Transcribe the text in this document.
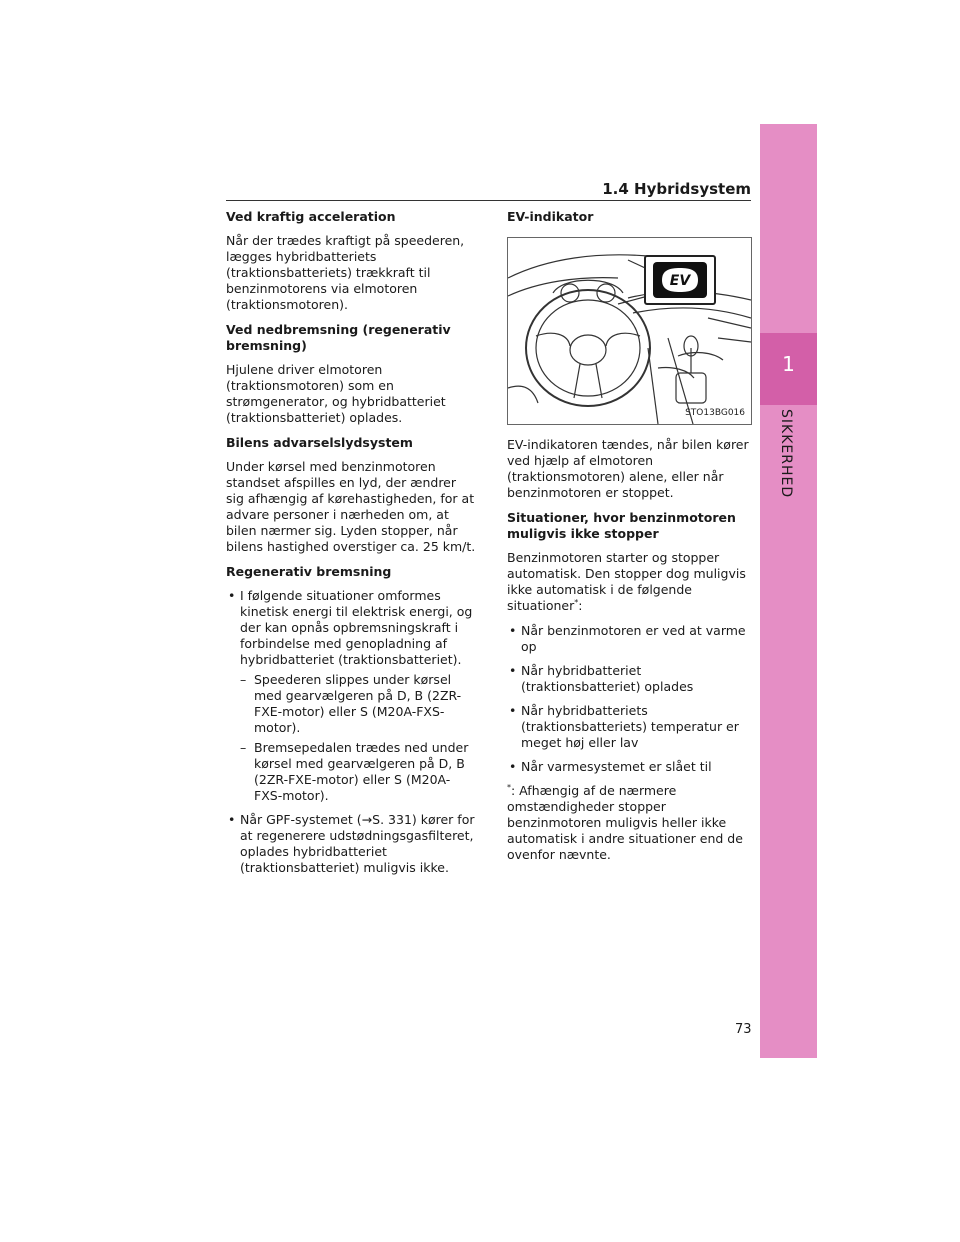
1.4 Hybridsystem
1
SIKKERHED
Ved kraftig acceleration

Når der trædes kraftigt på speederen, lægges hybridbatteriets (traktionsbatteriets) trækkraft til benzinmotorens via elmotoren (traktionsmotoren).

Ved nedbremsning (regenerativ bremsning)

Hjulene driver elmotoren (traktionsmotoren) som en strømgenerator, og hybridbatteriet (traktionsbatteriet) oplades.

Bilens advarselslydsystem

Under kørsel med benzinmotoren standset afspilles en lyd, der ændrer sig afhængig af kørehastigheden, for at advare personer i nærheden om, at bilen nærmer sig. Lyden stopper, når bilens hastighed overstiger ca. 25 km/t.

Regenerativ bremsning
• I følgende situationer omformes kinetisk energi til elektrisk energi, og der kan opnås opbremsningskraft i forbindelse med genopladning af hybridbatteriet (traktionsbatteriet).
– Speederen slippes under kørsel med gearvælgeren på D, B (2ZR-FXE-motor) eller S (M20A-FXS-motor).
– Bremsepedalen trædes ned under kørsel med gearvælgeren på D, B (2ZR-FXE-motor) eller S (M20A-FXS-motor).
• Når GPF-systemet (→S. 331) kører for at regenerere udstødningsgasfilteret, oplades hybridbatteriet (traktionsbatteriet) muligvis ikke.
EV-indikator
EV
STO13BG016

EV-indikatoren tændes, når bilen kører ved hjælp af elmotoren (traktionsmotoren) alene, eller når benzinmotoren er stoppet.

Situationer, hvor benzinmotoren muligvis ikke stopper

Benzinmotoren starter og stopper automatisk. Den stopper dog muligvis ikke automatisk i de følgende situationer*:

• Når benzinmotoren er ved at varme op
• Når hybridbatteriet (traktionsbatteriet) oplades
• Når hybridbatteriets (traktionsbatteriets) temperatur er meget høj eller lav
• Når varmesystemet er slået til

*: Afhængig af de nærmere omstændigheder stopper benzinmotoren muligvis heller ikke automatisk i andre situationer end de ovenfor nævnte.

73
